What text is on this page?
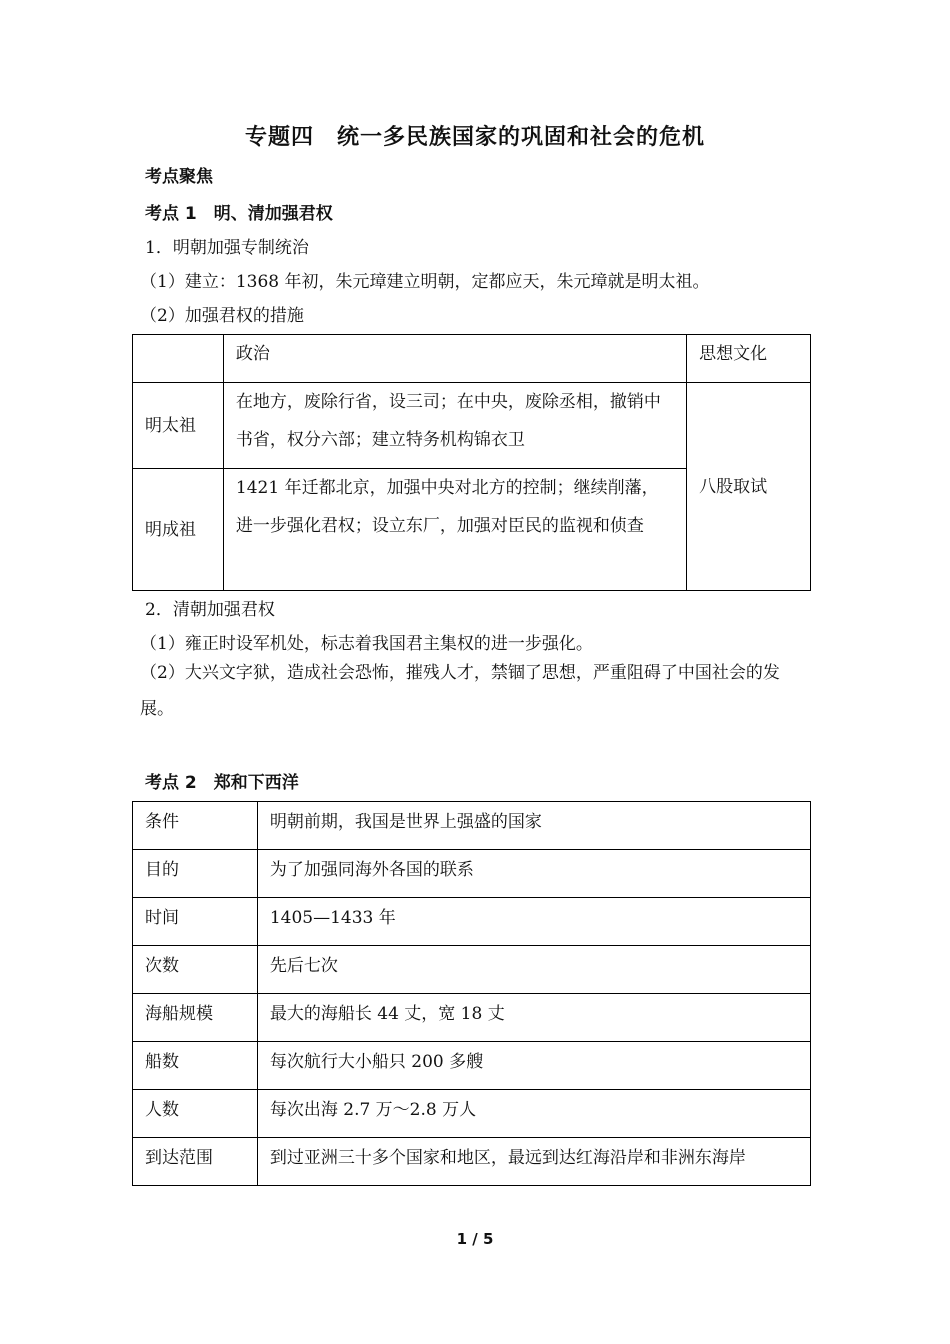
专题四　统一多民族国家的巩固和社会的危机
考点聚焦
考点 1　明、清加强君权
1．明朝加强专制统治
（1）建立：1368 年初，朱元璋建立明朝，定都应天，朱元璋就是明太祖。
（2）加强君权的措施
	政治	思想文化
明太祖	在地方，废除行省，设三司；在中央，废除丞相，撤销中书省，权分六部；建立特务机构锦衣卫	八股取试
明成祖	1421 年迁都北京，加强中央对北方的控制；继续削藩，进一步强化君权；设立东厂，加强对臣民的监视和侦查	
2．清朝加强君权
（1）雍正时设军机处，标志着我国君主集权的进一步强化。
（2）大兴文字狱，造成社会恐怖，摧残人才，禁锢了思想，严重阻碍了中国社会的发展。
考点 2　郑和下西洋
条件	明朝前期，我国是世界上强盛的国家
目的	为了加强同海外各国的联系
时间	1405—1433 年
次数	先后七次
海船规模	最大的海船长 44 丈，宽 18 丈
船数	每次航行大小船只 200 多艘
人数	每次出海 2.7 万～2.8 万人
到达范围	到过亚洲三十多个国家和地区，最远到达红海沿岸和非洲东海岸
1 / 5
